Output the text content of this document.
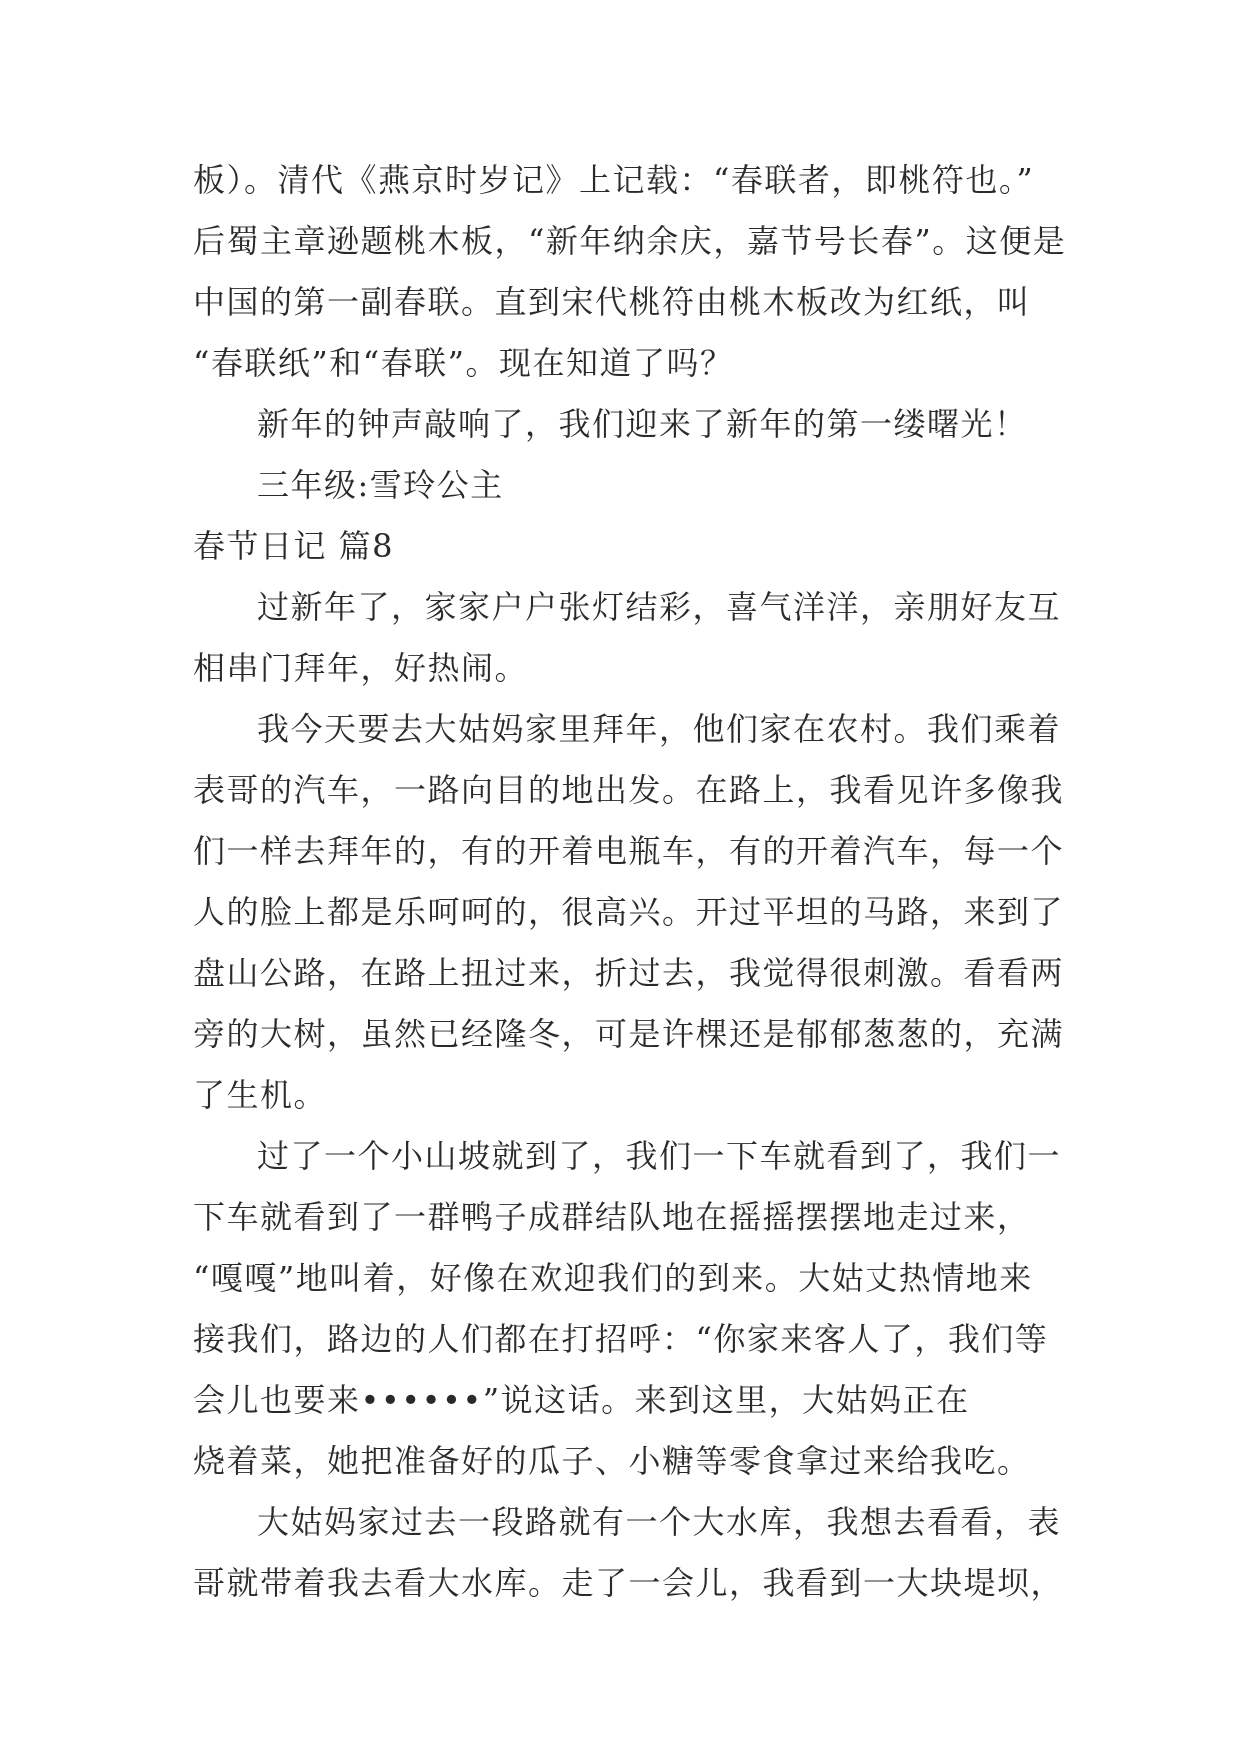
板）。清代《燕京时岁记》上记载：“春联者，即桃符也。”
后蜀主章逊题桃木板，“新年纳余庆，嘉节号长春”。这便是
中国的第一副春联。直到宋代桃符由桃木板改为红纸，叫
“春联纸”和“春联”。现在知道了吗？
新年的钟声敲响了，我们迎来了新年的第一缕曙光！
三年级:雪玲公主
春节日记 篇8
过新年了，家家户户张灯结彩，喜气洋洋，亲朋好友互
相串门拜年，好热闹。
我今天要去大姑妈家里拜年，他们家在农村。我们乘着
表哥的汽车，一路向目的地出发。在路上，我看见许多像我
们一样去拜年的，有的开着电瓶车，有的开着汽车，每一个
人的脸上都是乐呵呵的，很高兴。开过平坦的马路，来到了
盘山公路，在路上扭过来，折过去，我觉得很刺激。看看两
旁的大树，虽然已经隆冬，可是许棵还是郁郁葱葱的，充满
了生机。
过了一个小山坡就到了，我们一下车就看到了，我们一
下车就看到了一群鸭子成群结队地在摇摇摆摆地走过来，
“嘎嘎”地叫着，好像在欢迎我们的到来。大姑丈热情地来
接我们，路边的人们都在打招呼：“你家来客人了，我们等
会儿也要来••••••”说这话。来到这里，大姑妈正在
烧着菜，她把准备好的瓜子、小糖等零食拿过来给我吃。
大姑妈家过去一段路就有一个大水库，我想去看看，表
哥就带着我去看大水库。走了一会儿，我看到一大块堤坝，
